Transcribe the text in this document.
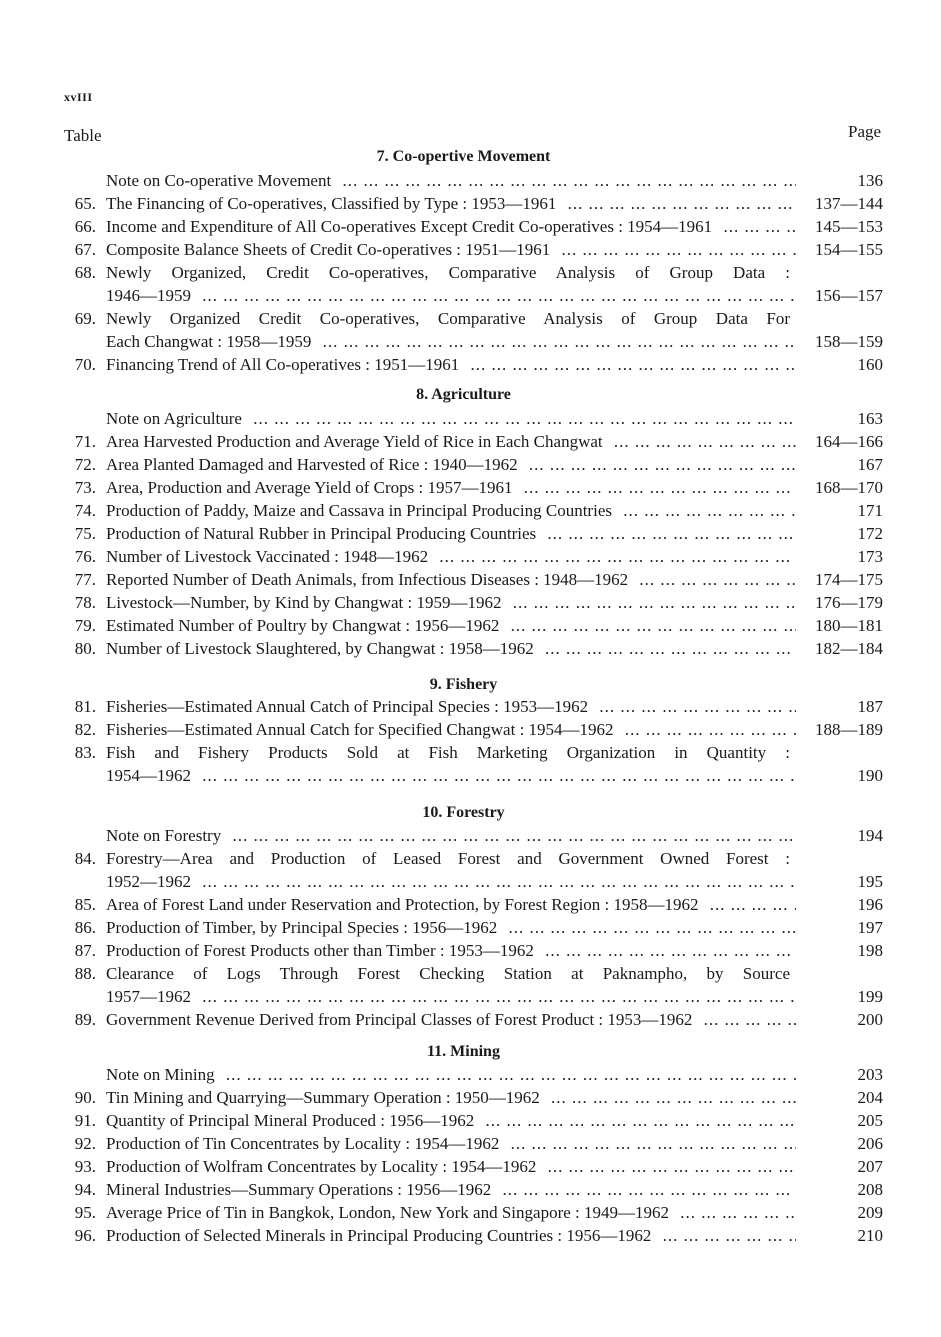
xvIII
Table	Page
7. Co-opertive Movement
Note on Co-operative Movement ... .	136
65. The Financing of Co-operatives, Classified by Type : 1953—1961 ... .	137—144
66. Income and Expenditure of All Co-operatives Except Credit Co-operatives : 1954—1961 ... .	145—153
67. Composite Balance Sheets of Credit Co-operatives : 1951—1961 ... .	154—155
68. Newly Organized, Credit Co-operatives, Comparative Analysis of Group Data :
1946—1959 ... .	156—157
69. Newly Organized Credit Co-operatives, Comparative Analysis of Group Data For
Each Changwat : 1958—1959 ... .	158—159
70. Financing Trend of All Co-operatives : 1951—1961 ... .	160
8. Agriculture
Note on Agriculture ... .	163
71. Area Harvested Production and Average Yield of Rice in Each Changwat ... .	164—166
72. Area Planted Damaged and Harvested of Rice : 1940—1962 ... .	167
73. Area, Production and Average Yield of Crops : 1957—1961 ... .	168—170
74. Production of Paddy, Maize and Cassava in Principal Producing Countries ... .	171
75. Production of Natural Rubber in Principal Producing Countries ... .	172
76. Number of Livestock Vaccinated : 1948—1962 ... .	173
77. Reported Number of Death Animals, from Infectious Diseases : 1948—1962 ... .	174—175
78. Livestock—Number, by Kind by Changwat : 1959—1962 ... .	176—179
79. Estimated Number of Poultry by Changwat : 1956—1962 ... .	180—181
80. Number of Livestock Slaughtered, by Changwat : 1958—1962 ... .	182—184
9. Fishery
81. Fisheries—Estimated Annual Catch of Principal Species : 1953—1962 ... .	187
82. Fisheries—Estimated Annual Catch for Specified Changwat : 1954—1962 ... .	188—189
83. Fish and Fishery Products Sold at Fish Marketing Organization in Quantity :
1954—1962 ... .	190
10. Forestry
Note on Forestry ... .	194
84. Forestry—Area and Production of Leased Forest and Government Owned Forest :
1952—1962 ... .	195
85. Area of Forest Land under Reservation and Protection, by Forest Region : 1958—1962 ... .	196
86. Production of Timber, by Principal Species : 1956—1962 ... .	197
87. Production of Forest Products other than Timber : 1953—1962 ... .	198
88. Clearance of Logs Through Forest Checking Station at Paknampho, by Source
1957—1962 ... .	199
89. Government Revenue Derived from Principal Classes of Forest Product : 1953—1962 ... .	200
11. Mining
Note on Mining ... .	203
90. Tin Mining and Quarrying—Summary Operation : 1950—1962 ... .	204
91. Quantity of Principal Mineral Produced : 1956—1962 ... .	205
92. Production of Tin Concentrates by Locality : 1954—1962 ... .	206
93. Production of Wolfram Concentrates by Locality : 1954—1962 ... .	207
94. Mineral Industries—Summary Operations : 1956—1962 ... .	208
95. Average Price of Tin in Bangkok, London, New York and Singapore : 1949—1962 ... .	209
96. Production of Selected Minerals in Principal Producing Countries : 1956—1962 ... .	210
